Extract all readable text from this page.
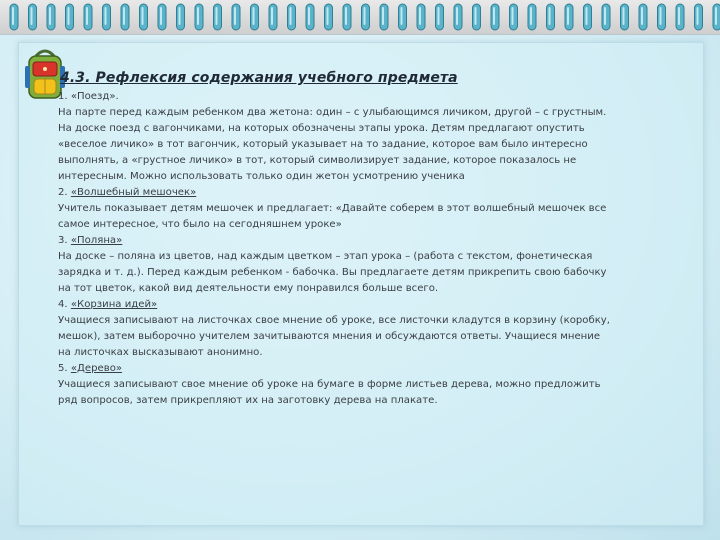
4.3. Рефлексия содержания учебного предмета
1. «Поезд».
На парте перед каждым ребенком два жетона: один – с улыбающимся личиком, другой – с грустным.
На доске поезд с вагончиками, на которых обозначены этапы урока. Детям предлагают опустить
«веселое личико» в тот вагончик, который указывает на то задание, которое вам было интересно
выполнять, а «грустное личико» в тот, который символизирует задание, которое показалось не
интересным. Можно использовать только один жетон усмотрению ученика
2. «Волшебный мешочек»
Учитель показывает детям мешочек и предлагает: «Давайте соберем в этот волшебный мешочек все
самое интересное, что было на сегодняшнем уроке»
3. «Поляна»
На доске – поляна из цветов, над каждым цветком – этап урока – (работа с текстом, фонетическая
зарядка и т. д.). Перед каждым ребенком - бабочка. Вы предлагаете детям прикрепить свою бабочку
на тот цветок, какой вид деятельности ему понравился больше всего.
4. «Корзина идей»
Учащиеся записывают на листочках свое мнение об уроке, все листочки кладутся в корзину (коробку,
мешок), затем выборочно учителем зачитываются мнения и обсуждаются ответы. Учащиеся мнение
на листочках высказывают анонимно.
5. «Дерево»
Учащиеся записывают свое мнение об уроке на бумаге в форме листьев дерева, можно предложить
ряд вопросов, затем прикрепляют их на заготовку дерева на плакате.
